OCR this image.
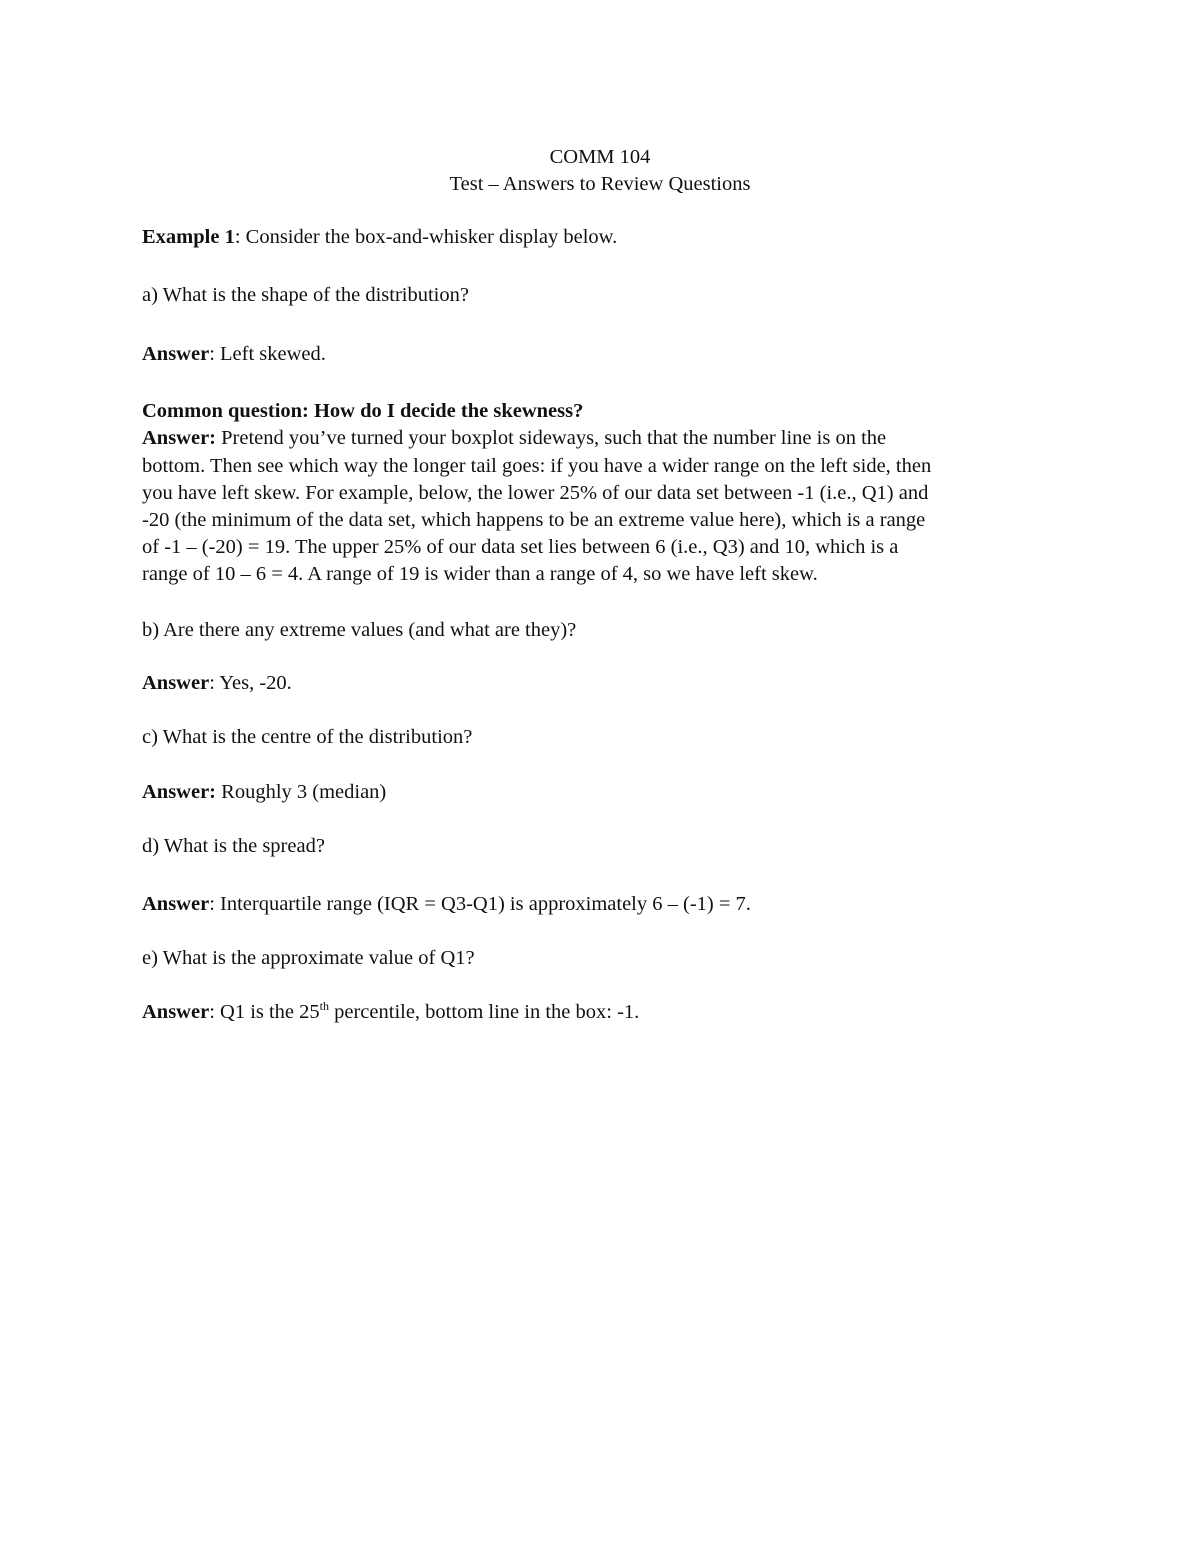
COMM 104
Test – Answers to Review Questions
Example 1: Consider the box-and-whisker display below.
a) What is the shape of the distribution?
Answer: Left skewed.
Common question: How do I decide the skewness?
Answer: Pretend you’ve turned your boxplot sideways, such that the number line is on the
bottom. Then see which way the longer tail goes: if you have a wider range on the left side, then
you have left skew. For example, below, the lower 25% of our data set between -1 (i.e., Q1) and
-20 (the minimum of the data set, which happens to be an extreme value here), which is a range
of -1 – (-20) = 19. The upper 25% of our data set lies between 6 (i.e., Q3) and 10, which is a
range of 10 – 6 = 4. A range of 19 is wider than a range of 4, so we have left skew.
b) Are there any extreme values (and what are they)?
Answer: Yes, -20.
c) What is the centre of the distribution?
Answer: Roughly 3 (median)
d) What is the spread?
Answer: Interquartile range (IQR = Q3-Q1) is approximately 6 – (-1) = 7.
e) What is the approximate value of Q1?
Answer: Q1 is the 25th percentile, bottom line in the box: -1.
